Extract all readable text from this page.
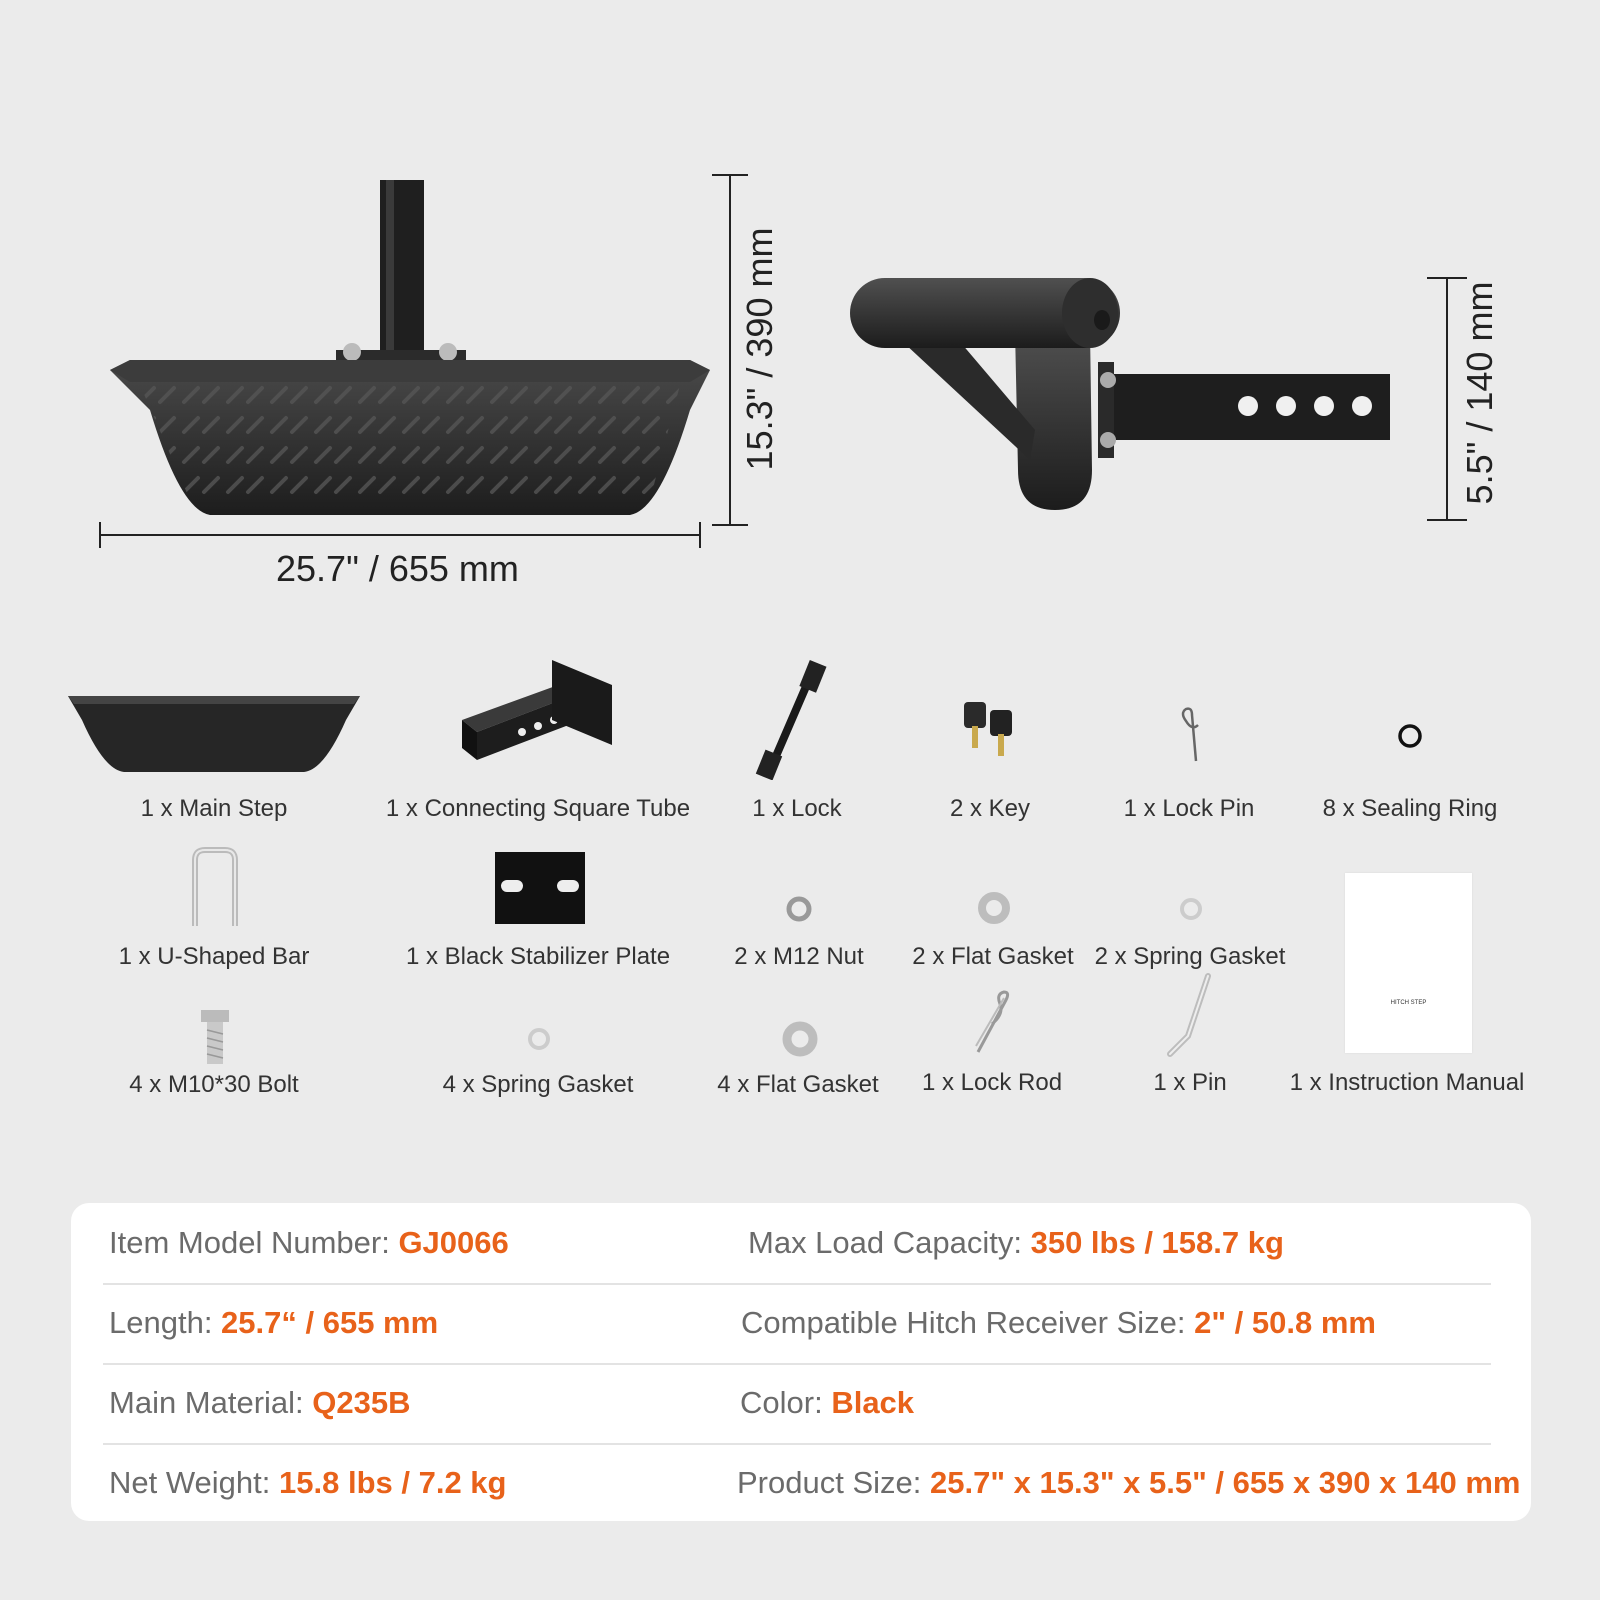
25.7" / 655 mm
15.3" / 390 mm	5.5" / 140 mm
1 x Main Step	1 x Connecting Square Tube	1 x Lock	2 x Key	1 x Lock Pin	8 x Sealing Ring
1 x U-Shaped Bar	1 x Black Stabilizer Plate	2 x M12 Nut 2 x Flat Gasket 2 x Spring Gasket
HITCH STEP
4 x M10*30 Bolt	4 x Spring Gasket	4 x Flat Gasket 1 x Lock Rod	1 x Pin	1 x Instruction Manual
Item Model Number: GJ0066	Max Load Capacity: 350 lbs / 158.7 kg
Length: 25.7“ / 655 mm	Compatible Hitch Receiver Size: 2" / 50.8 mm
Main Material: Q235B	Color: Black
Net Weight: 15.8 lbs / 7.2 kg	Product Size: 25.7" x 15.3" x 5.5" / 655 x 390 x 140 mm
